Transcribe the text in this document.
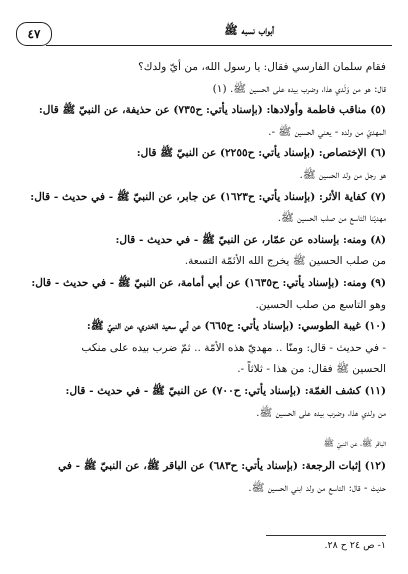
أبواب نسبه ﷺ
٤٧
فقام سلمان الفارسي فقال: يا رسول الله، من أيّ ولدك؟
قال: هو من وَلَدي هذا، وضرب بيده على الحسين ﷺ. (١)
(٥) مناقب فاطمة وأولادها: (بإسناد يأتي: ح٧٣٥) عن حذيفة، عن النبيّ ﷺ قال:
المهديّ من ولده - يعني الحسين ﷺ -.
(٦) الإختصاص: (بإسناد يأتي: ح٢٢٥٥) عن النبيّ ﷺ قال:
هو رجل من ولد الحسين ﷺ.
(٧) كفاية الأثر: (بإسناد يأتي: ح١٦٢٣) عن جابر، عن النبيّ ﷺ - في حديث - قال:
مهديّنا التاسع من صلب الحسين ﷺ.
(٨) ومنه: بإسناده عن عمّار، عن النبيّ ﷺ - في حديث - قال:
من صلب الحسين ﷺ يخرج الله الأئمّة التسعة.
(٩) ومنه: (بإسناد يأتي: ح١٦٣٥) عن أبي أمامة، عن النبيّ ﷺ - في حديث - قال:
وهو التاسع من صلب الحسين.
(١٠) غيبة الطوسي: (بإسناد يأتي: ح٦٦٥) عن أبي سعيد الخدري، عن النبيّ ﷺ:
- في حديث - قال: ومنّا .. مهديّ هذه الأمّة .. ثمّ ضرب بيده على منكب
الحسين ﷺ فقال: من هذا - ثلاثاً -.
(١١) كشف الغمّة: (بإسناد يأتي: ح٧٠٠) عن النبيّ ﷺ - في حديث - قال:
من ولدي هذا، وضرب بيده على الحسين ﷺ.
الباقر ﷺ، عن النبيّ ﷺ
(١٢) إثبات الرجعة: (بإسناد يأتي: ح٦٨٣) عن الباقر ﷺ، عن النبيّ ﷺ - في
حديث - قال: التاسع من ولد ابني الحسين ﷺ.
١- ص ٢٤ ح ٢٨.
